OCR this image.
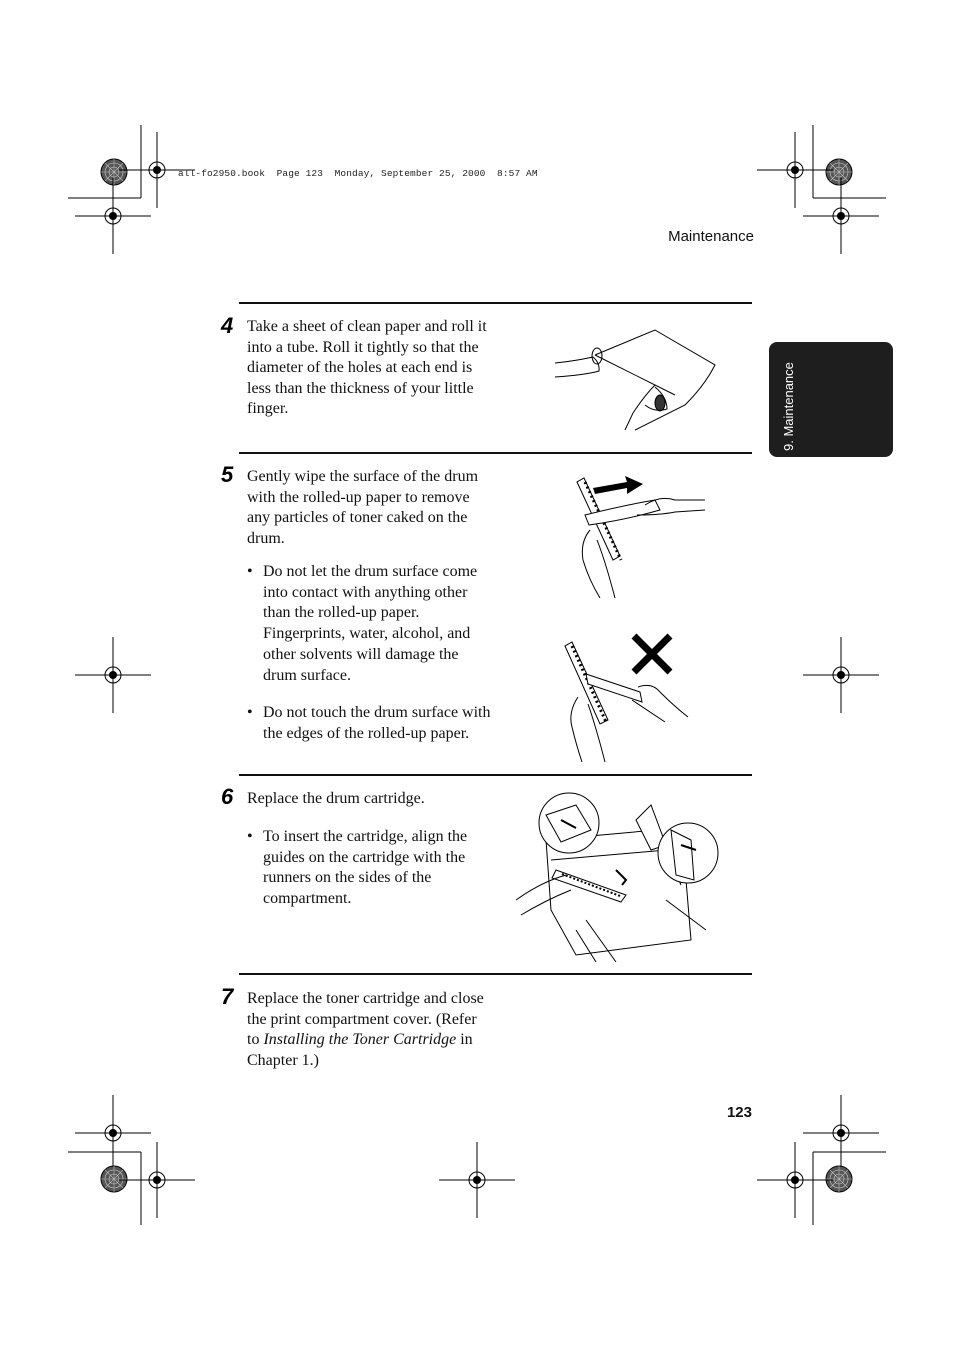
all-fo2950.book  Page 123  Monday, September 25, 2000  8:57 AM
Maintenance
9. Maintenance
4 Take a sheet of clean paper and roll it
into a tube. Roll it tightly so that the
diameter of the holes at each end is
less than the thickness of your little
finger.
5 Gently wipe the surface of the drum
with the rolled-up paper to remove
any particles of toner caked on the
drum.
• Do not let the drum surface come
into contact with anything other
than the rolled-up paper.
Fingerprints, water, alcohol, and
other solvents will damage the
drum surface.
• Do not touch the drum surface with
the edges of the rolled-up paper.
6 Replace the drum cartridge.
• To insert the cartridge, align the
guides on the cartridge with the
runners on the sides of the
compartment.
7 Replace the toner cartridge and close
the print compartment cover. (Refer
to Installing the Toner Cartridge in
Chapter 1.)
123
